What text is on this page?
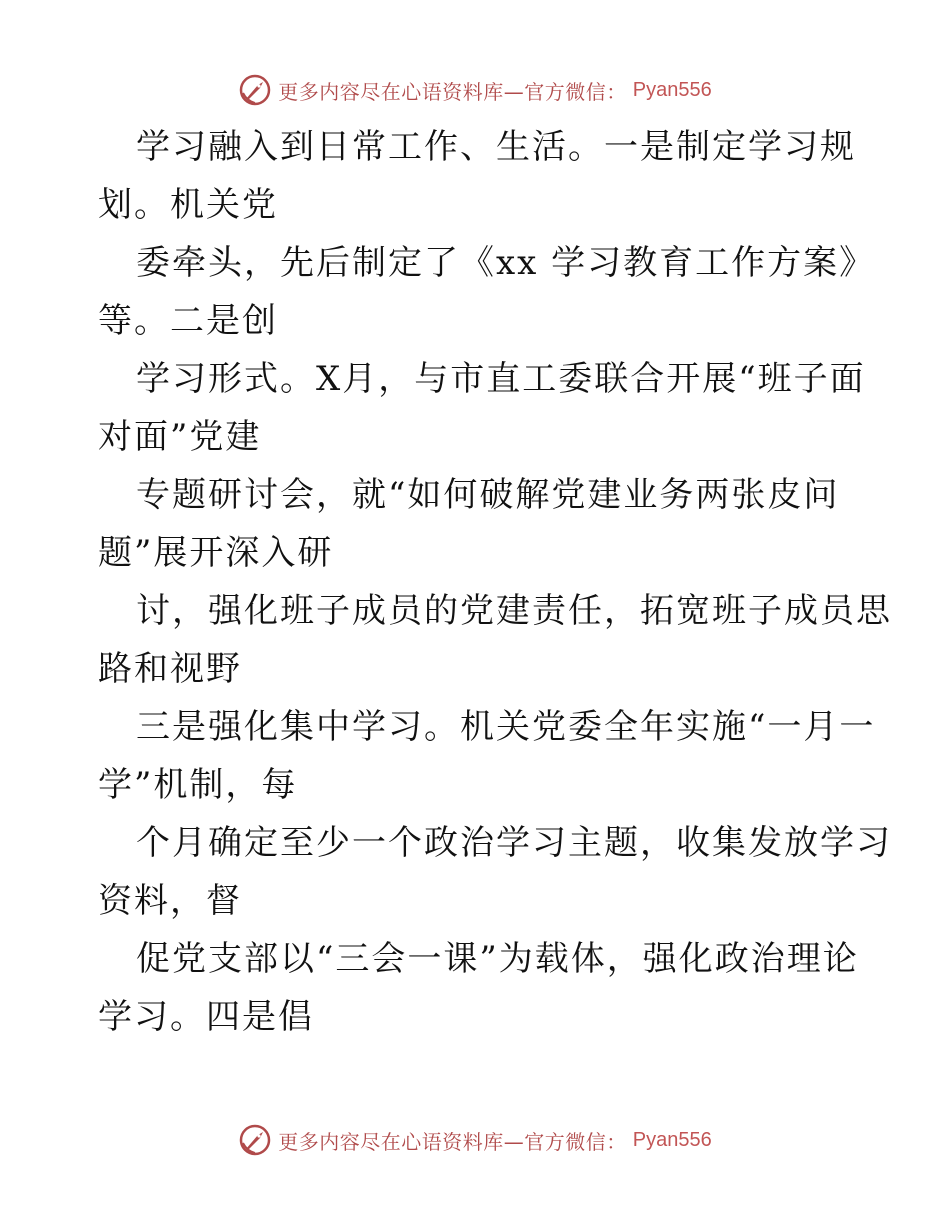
更多内容尽在心语资料库—官方微信： Pyan556
学习融入到日常工作、生活。一是制定学习规
划。机关党
委牵头，先后制定了《xx 学习教育工作方案》
等。二是创
学习形式。X月，与市直工委联合开展“班子面
对面”党建
专题研讨会，就“如何破解党建业务两张皮问
题”展开深入研
讨，强化班子成员的党建责任，拓宽班子成员思
路和视野
三是强化集中学习。机关党委全年实施“一月一
学”机制，每
个月确定至少一个政治学习主题，收集发放学习
资料，督
促党支部以“三会一课”为载体，强化政治理论
学习。四是倡
更多内容尽在心语资料库—官方微信： Pyan556
